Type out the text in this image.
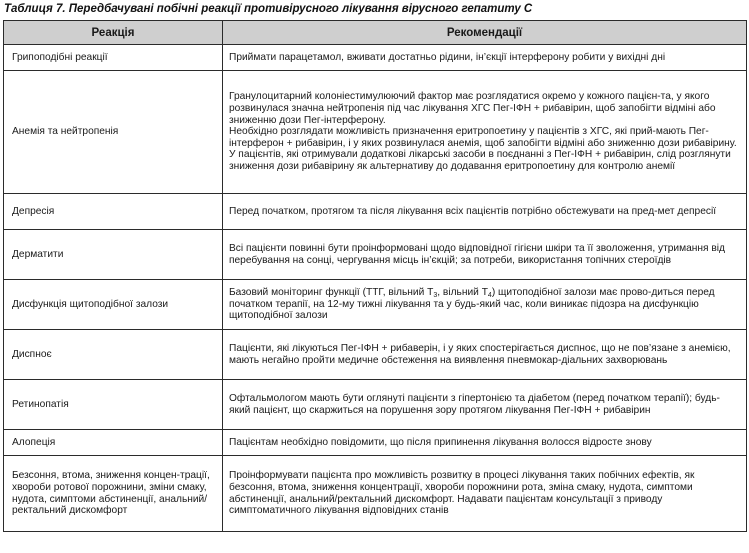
Таблиця 7. Передбачувані побічні реакції противірусного лікування вірусного гепатиту С
Реакція	Рекомендації
Грипоподібні реакції	Приймати парацетамол, вживати достатньо рідини, ін’єкції інтерферону робити у вихідні дні

Анемія та нейтропенія	Гранулоцитарний колоніестимулюючий фактор має розглядатися окремо у кожного пацієн-та, у якого розвинулася значна нейтропенія під час лікування ХГС Пег-ІФН + рибавірин, щоб запобігти відміні або зниженню дози Пег-інтерферону.
Необхідно розглядати можливість призначення еритропоетину у пацієнтів з ХГС, які прий-мають Пег-інтерферон + рибавірин, і у яких розвинулася анемія, щоб запобігти відміні або зниженню дози рибавірину.
У пацієнтів, які отримували додаткові лікарські засоби в поєднанні з Пег-ІФН + рибавірин, слід розглянути зниження дози рибавірину як альтернативу до додавання еритропоетину для контролю анемії

Депресія	Перед початком, протягом та після лікування всіх пацієнтів потрібно обстежувати на пред-мет депресії

Дерматити	Всі пацієнти повинні бути проінформовані щодо відповідної гігієни шкіри та її зволоження, утримання від перебування на сонці, чергування місць ін’єкцій; за потреби, використання топічних стероїдів

Дисфункція щитоподібної залози	Базовий моніторинг функції (ТТГ, вільний $Т_3$, вільний $Т_4$) щитоподібної залози має прово-диться перед початком терапії, на 12-му тижні лікування та у будь-який час, коли виникає підозра на дисфункцію щитоподібної залози

Диспноє	Пацієнти, які лікуються Пег-ІФН + рибаверін, і у яких спостерігається диспноє, що не пов’язане з анемією, мають негайно пройти медичне обстеження на виявлення пневмокар-діальних захворювань

Ретинопатія	Офтальмологом мають бути оглянуті пацієнти з гіпертонією та діабетом (перед початком терапії); будь-який пацієнт, що скаржиться на порушення зору протягом лікування Пег-ІФН + рибавірин

Алопеція	Пацієнтам необхідно повідомити, що після припинення лікування волосся відросте знову

Безсоння, втома, зниження концен-трації, хвороби ротової порожнини, зміни смаку, нудота, симптоми абстиненції, анальний/ректальний дискомфорт	Проінформувати пацієнта про можливість розвитку в процесі лікування таких побічних ефектів, як безсоння, втома, зниження концентрації, хвороби порожнини рота, зміна смаку, нудота, симптоми абстиненції, анальний/ректальний дискомфорт. Надавати пацієнтам консультації з приводу симптоматичного лікування відповідних станів
